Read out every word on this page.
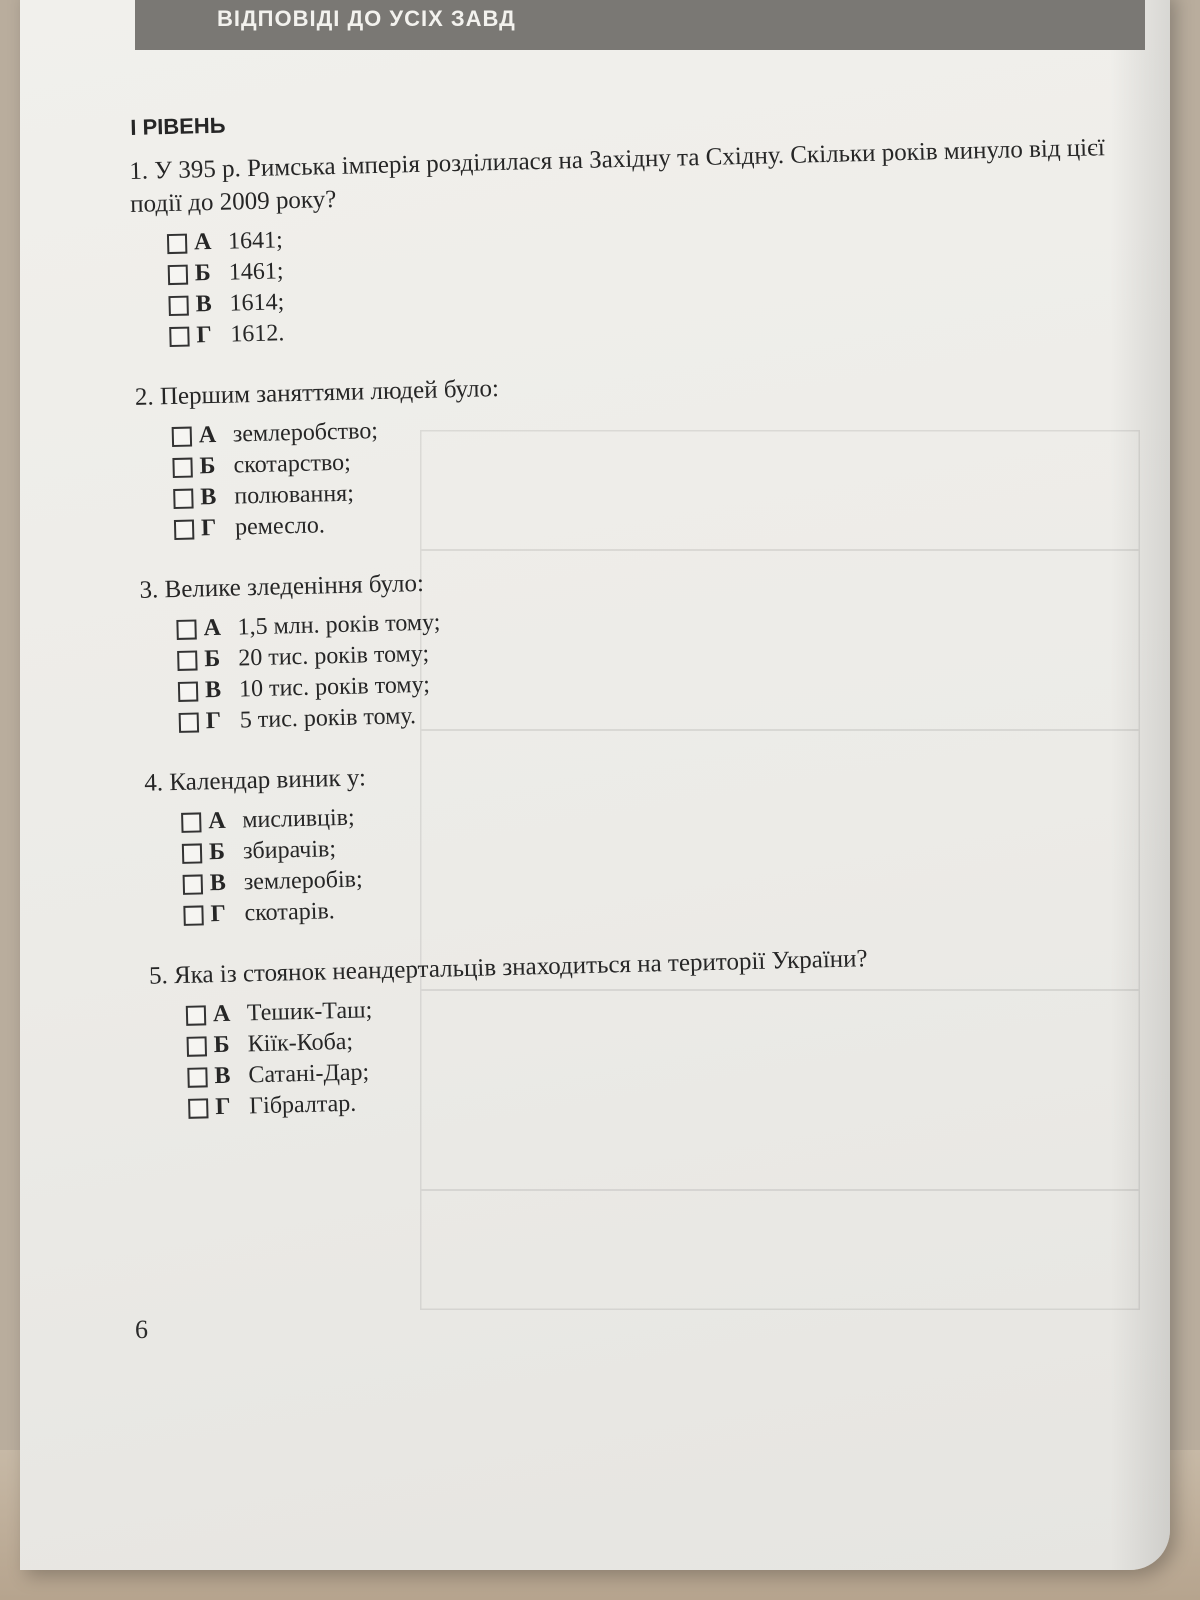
ВІДПОВІДІ ДО УСІХ ЗАВД
І РІВЕНЬ

1. У 395 р. Римська імперія розділилася на Західну та Східну. Скільки років минуло від цієї події до 2009 року?

А 1641;
Б 1461;
В 1614;
Г 1612.

2. Першим заняттями людей було:

А землеробство;
Б скотарство;
В полювання;
Г ремесло.

3. Велике зледеніння було:

А 1,5 млн. років тому;
Б 20 тис. років тому;
В 10 тис. років тому;
Г 5 тис. років тому.

4. Календар виник у:

А мисливців;
Б збирачів;
В землеробів;
Г скотарів.

5. Яка із стоянок неандертальців знаходиться на території України?

А Тешик-Таш;
Б Кіїк-Коба;
В Сатані-Дар;
Г Гібралтар.
6
